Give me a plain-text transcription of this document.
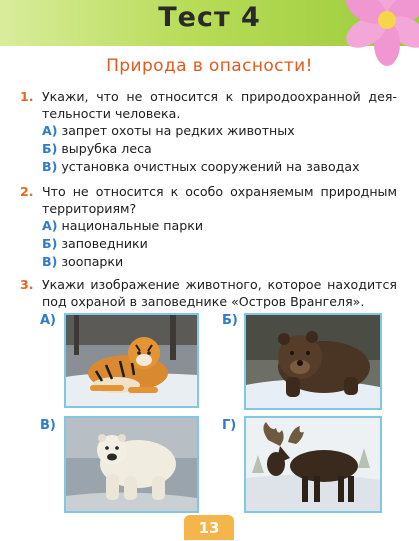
Тест 4
Природа в опасности!
1. Укажи, что не относится к природоохранной дея-тельности человека.
А) запрет охоты на редких животных
Б) вырубка леса
В) установка очистных сооружений на заводах
2. Что не относится к особо охраняемым природным территориям?
А) национальные парки
Б) заповедники
В) зоопарки
3. Укажи изображение животного, которое находится под охраной в заповеднике «Остров Врангеля».
А)	Б)
В)	Г)
13
